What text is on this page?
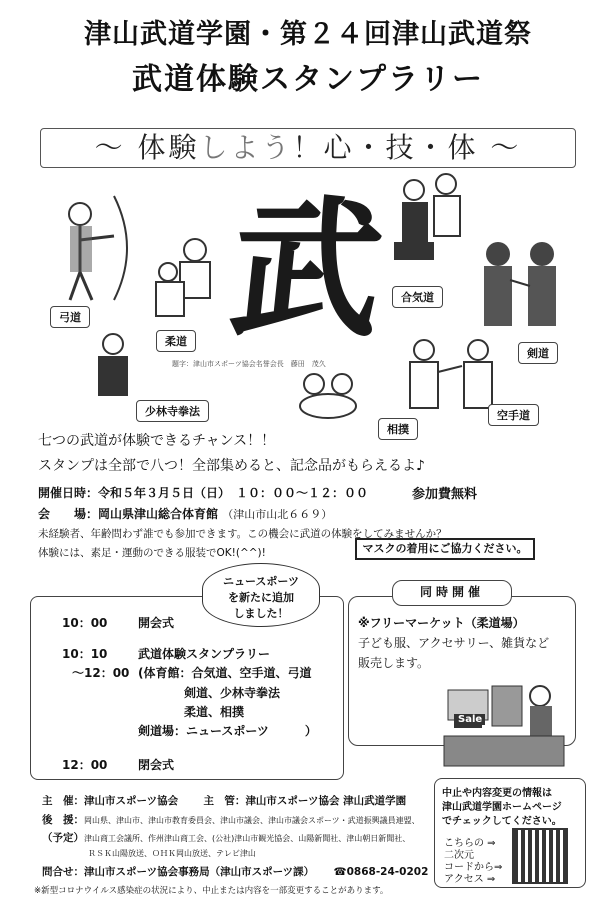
津山武道学園・第２４回津山武道祭
武道体験スタンプラリー
〜 体験しよう！心・技・体 〜
武
題字：津山市スポーツ協会名誉会長　藤田　茂久
弓道
柔道
合気道
剣道
少林寺拳法
相撲
空手道
七つの武道が体験できるチャンス！！
スタンプは全部で八つ！全部集めると、記念品がもらえるよ♪
開催日時：令和５年３月５日（日）　１０：００〜１２：００	参加費無料
会　　場：岡山県津山総合体育館 （津山市山北６６９）
未経験者、年齢問わず誰でも参加できます。この機会に武道の体験をしてみませんか？
体験には、素足・運動のできる服装でOK!(^^)!	マスクの着用にご協力ください。
ニュースポーツ
を新たに追加
しました！
10：00	開会式
10：10	武道体験スタンプラリー
〜12：00 (体育館：合気道、空手道、弓道
剣道、少林寺拳法
柔道、相撲
剣道場：ニュースポーツ　　　）
12：00	閉会式
同時開催
※フリーマーケット（柔道場）
子ども服、アクセサリー、雑貨など
販売します。
Sale
中止や内容変更の情報は
津山武道学園ホームページ
でチェックしてください。
こちらの ⇒
二次元
コードから⇒
アクセス ⇒
主　催：津山市スポーツ協会 主　管：津山市スポーツ協会 津山武道学園
後　援：岡山県、津山市、津山市教育委員会、津山市議会、津山市議会スポーツ・武道振興議員連盟、
（予定）津山商工会議所、作州津山商工会、(公社)津山市観光協会、山陽新聞社、津山朝日新聞社、
ＲＳＫ山陽放送、ＯＨＫ岡山放送、テレビ津山
問合せ：津山市スポーツ協会事務局（津山市スポーツ課） ☎0868-24-0202
※新型コロナウイルス感染症の状況により、中止または内容を一部変更することがあります。
